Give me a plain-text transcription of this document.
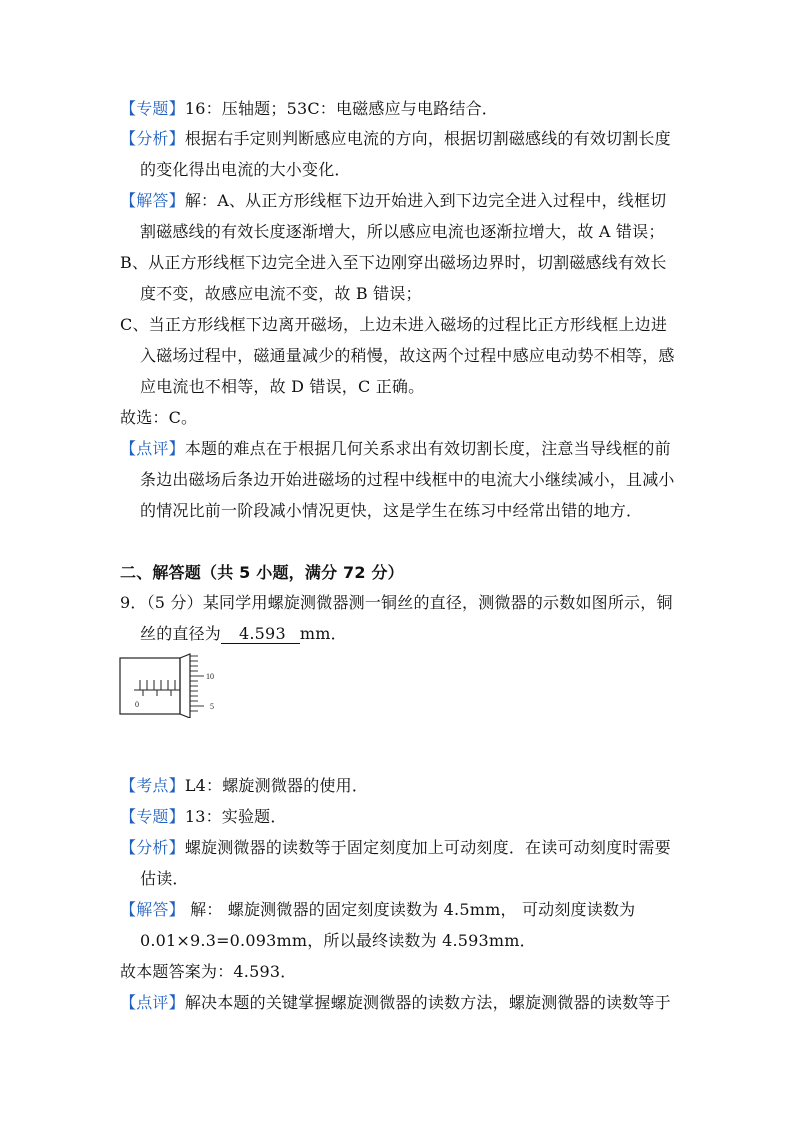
【专题】16：压轴题；53C：电磁感应与电路结合．
【分析】根据右手定则判断感应电流的方向，根据切割磁感线的有效切割长度
的变化得出电流的大小变化．
【解答】解：A、从正方形线框下边开始进入到下边完全进入过程中，线框切
割磁感线的有效长度逐渐增大，所以感应电流也逐渐拉增大，故 A 错误；
B、从正方形线框下边完全进入至下边刚穿出磁场边界时，切割磁感线有效长
度不变，故感应电流不变，故 B 错误；
C、当正方形线框下边离开磁场，上边未进入磁场的过程比正方形线框上边进
入磁场过程中，磁通量减少的稍慢，故这两个过程中感应电动势不相等，感
应电流也不相等，故 D 错误，C 正确。
故选：C。
【点评】本题的难点在于根据几何关系求出有效切割长度，注意当导线框的前
条边出磁场后条边开始进磁场的过程中线框中的电流大小继续减小，且减小
的情况比前一阶段减小情况更快，这是学生在练习中经常出错的地方．
二、解答题（共 5 小题，满分 72 分）
9．（5 分）某同学用螺旋测微器测一铜丝的直径，测微器的示数如图所示，铜
丝的直径为 4.593 mm．
10
5
0
【考点】L4：螺旋测微器的使用．
【专题】13：实验题．
【分析】螺旋测微器的读数等于固定刻度加上可动刻度．在读可动刻度时需要
估读．
【解答】 解： 螺旋测微器的固定刻度读数为 4.5mm， 可动刻度读数为
0.01×9.3=0.093mm，所以最终读数为 4.593mm．
故本题答案为：4.593．
【点评】解决本题的关键掌握螺旋测微器的读数方法，螺旋测微器的读数等于
